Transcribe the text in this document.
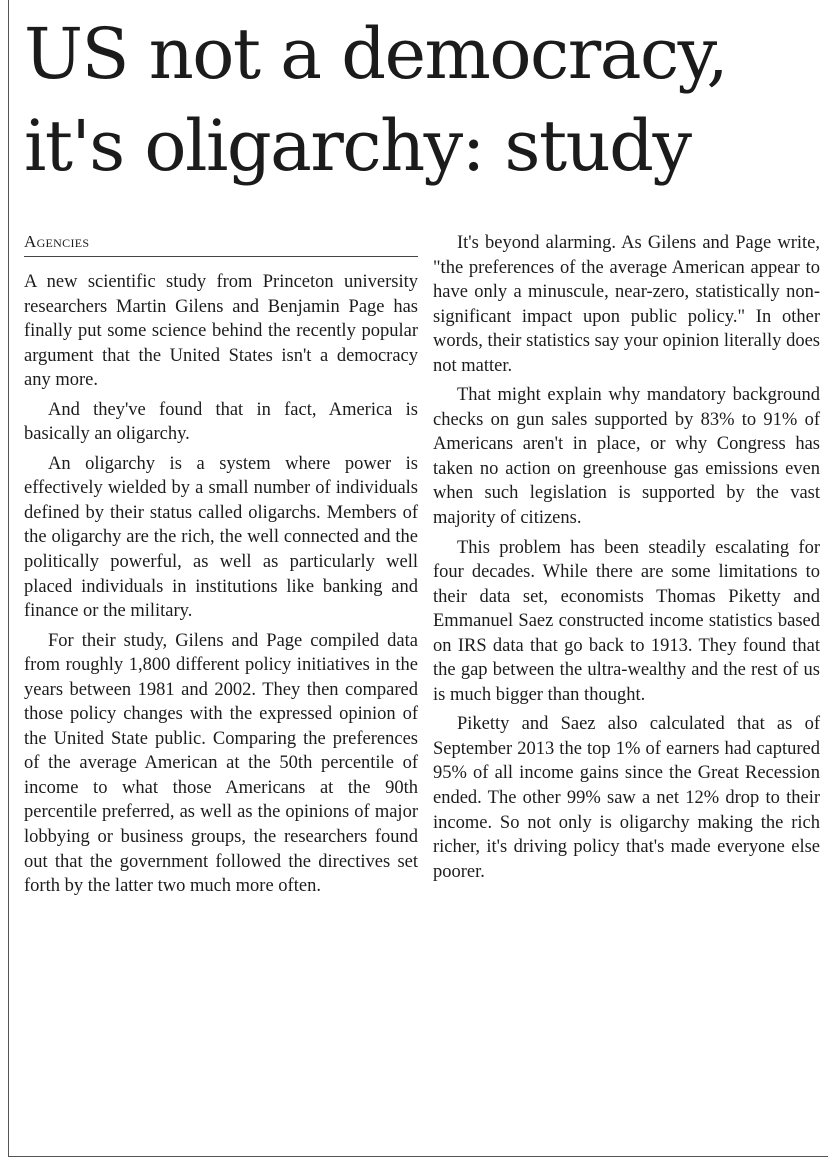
US not a democracy,
it's oligarchy: study
Agencies

A new scientific study from Princeton university researchers Martin Gilens and Benjamin Page has finally put some science behind the recently popular argument that the United States isn't a democracy any more.

And they've found that in fact, America is basically an oligarchy.

An oligarchy is a system where power is effectively wielded by a small number of individuals defined by their status called oligarchs. Members of the oligarchy are the rich, the well connected and the politically powerful, as well as particularly well placed individuals in institutions like banking and finance or the military.

For their study, Gilens and Page compiled data from roughly 1,800 different policy initiatives in the years between 1981 and 2002. They then compared those policy changes with the expressed opinion of the United State public. Comparing the preferences of the average American at the 50th percentile of income to what those Americans at the 90th percentile preferred, as well as the opinions of major lobbying or business groups, the researchers found out that the government followed the directives set forth by the latter two much more often.

It's beyond alarming. As Gilens and Page write, "the preferences of the average American appear to have only a minuscule, near-zero, statistically non-significant impact upon public policy." In other words, their statistics say your opinion literally does not matter.

That might explain why mandatory background checks on gun sales supported by 83% to 91% of Americans aren't in place, or why Congress has taken no action on greenhouse gas emissions even when such legislation is supported by the vast majority of citizens.

This problem has been steadily escalating for four decades. While there are some limitations to their data set, economists Thomas Piketty and Emmanuel Saez constructed income statistics based on IRS data that go back to 1913. They found that the gap between the ultra-wealthy and the rest of us is much bigger than thought.

Piketty and Saez also calculated that as of September 2013 the top 1% of earners had captured 95% of all income gains since the Great Recession ended. The other 99% saw a net 12% drop to their income. So not only is oligarchy making the rich richer, it's driving policy that's made everyone else poorer.
